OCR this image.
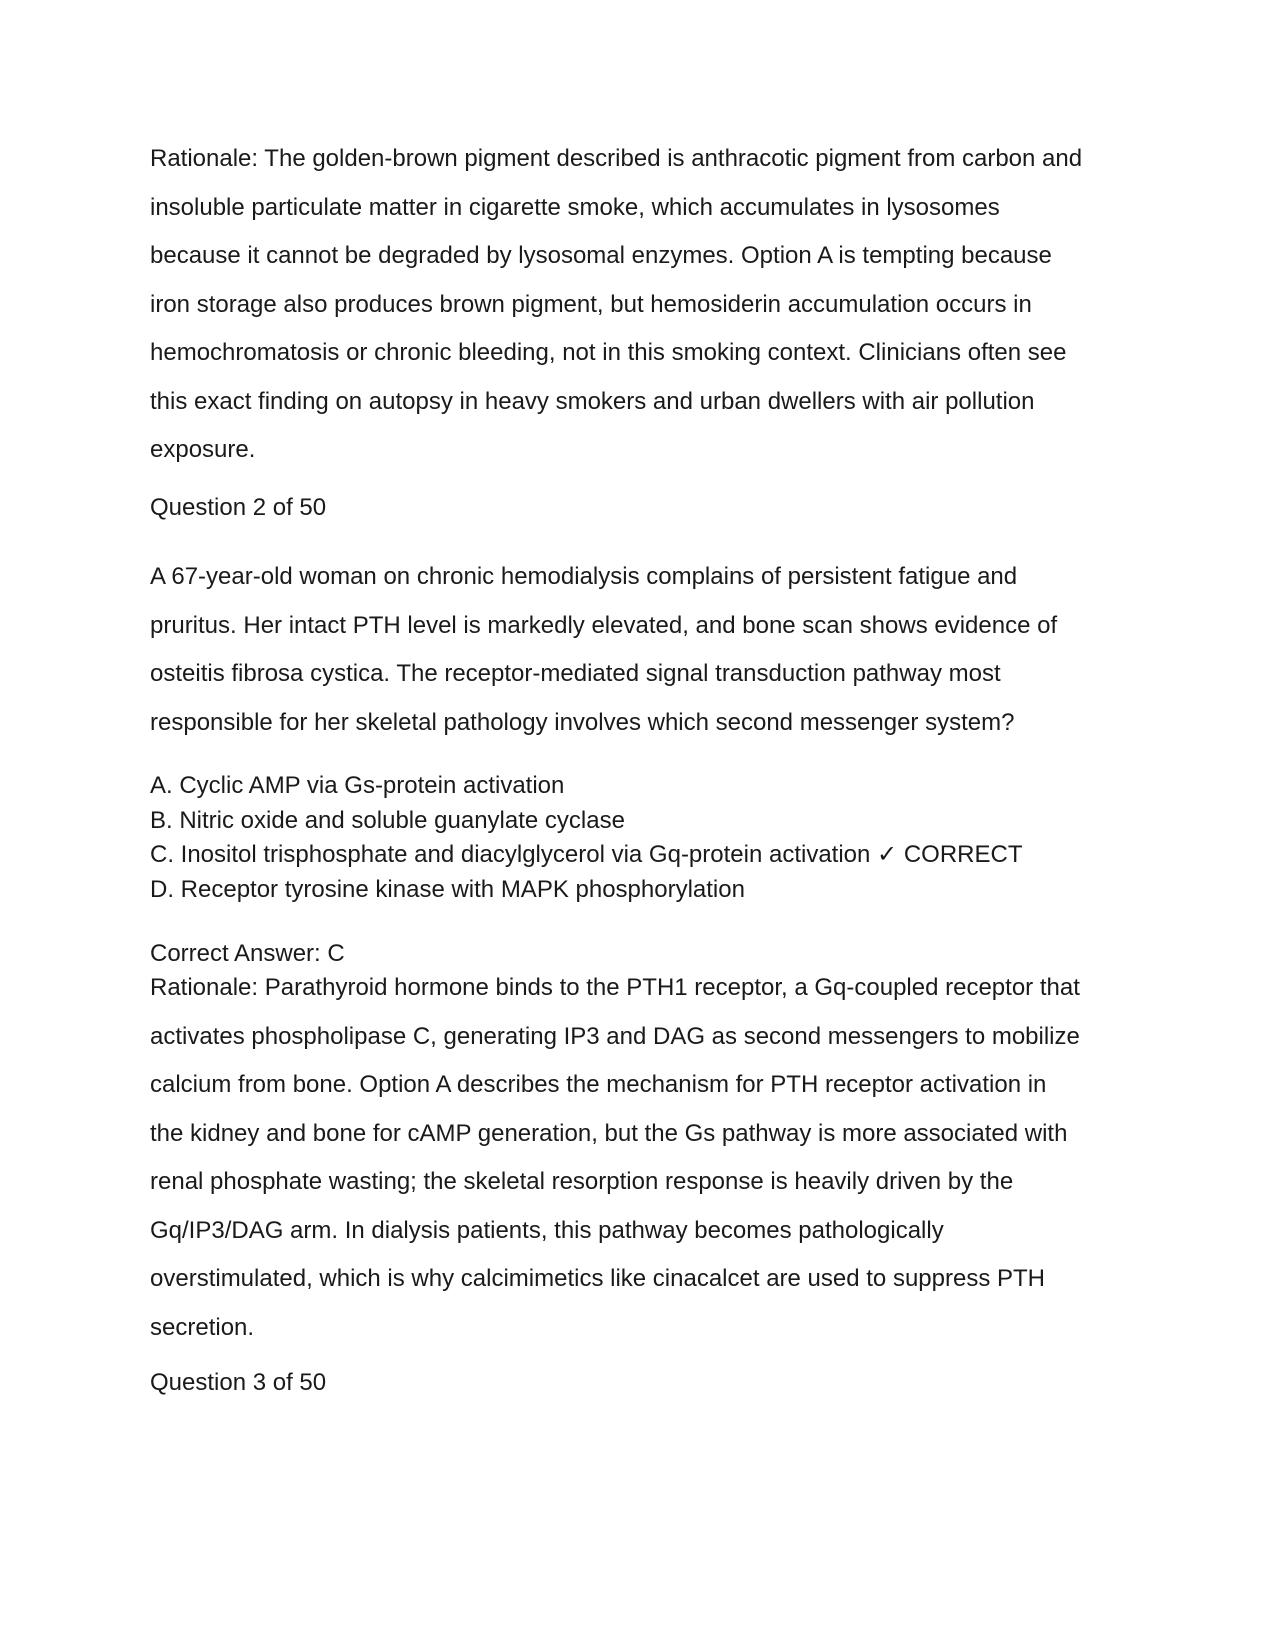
Rationale: The golden-brown pigment described is anthracotic pigment from carbon and
insoluble particulate matter in cigarette smoke, which accumulates in lysosomes
because it cannot be degraded by lysosomal enzymes. Option A is tempting because
iron storage also produces brown pigment, but hemosiderin accumulation occurs in
hemochromatosis or chronic bleeding, not in this smoking context. Clinicians often see
this exact finding on autopsy in heavy smokers and urban dwellers with air pollution
exposure.
Question 2 of 50
A 67-year-old woman on chronic hemodialysis complains of persistent fatigue and
pruritus. Her intact PTH level is markedly elevated, and bone scan shows evidence of
osteitis fibrosa cystica. The receptor-mediated signal transduction pathway most
responsible for her skeletal pathology involves which second messenger system?
A. Cyclic AMP via Gs-protein activation
B. Nitric oxide and soluble guanylate cyclase
C. Inositol trisphosphate and diacylglycerol via Gq-protein activation ✓ CORRECT
D. Receptor tyrosine kinase with MAPK phosphorylation
Correct Answer: C
Rationale: Parathyroid hormone binds to the PTH1 receptor, a Gq-coupled receptor that
activates phospholipase C, generating IP3 and DAG as second messengers to mobilize
calcium from bone. Option A describes the mechanism for PTH receptor activation in
the kidney and bone for cAMP generation, but the Gs pathway is more associated with
renal phosphate wasting; the skeletal resorption response is heavily driven by the
Gq/IP3/DAG arm. In dialysis patients, this pathway becomes pathologically
overstimulated, which is why calcimimetics like cinacalcet are used to suppress PTH
secretion.
Question 3 of 50
